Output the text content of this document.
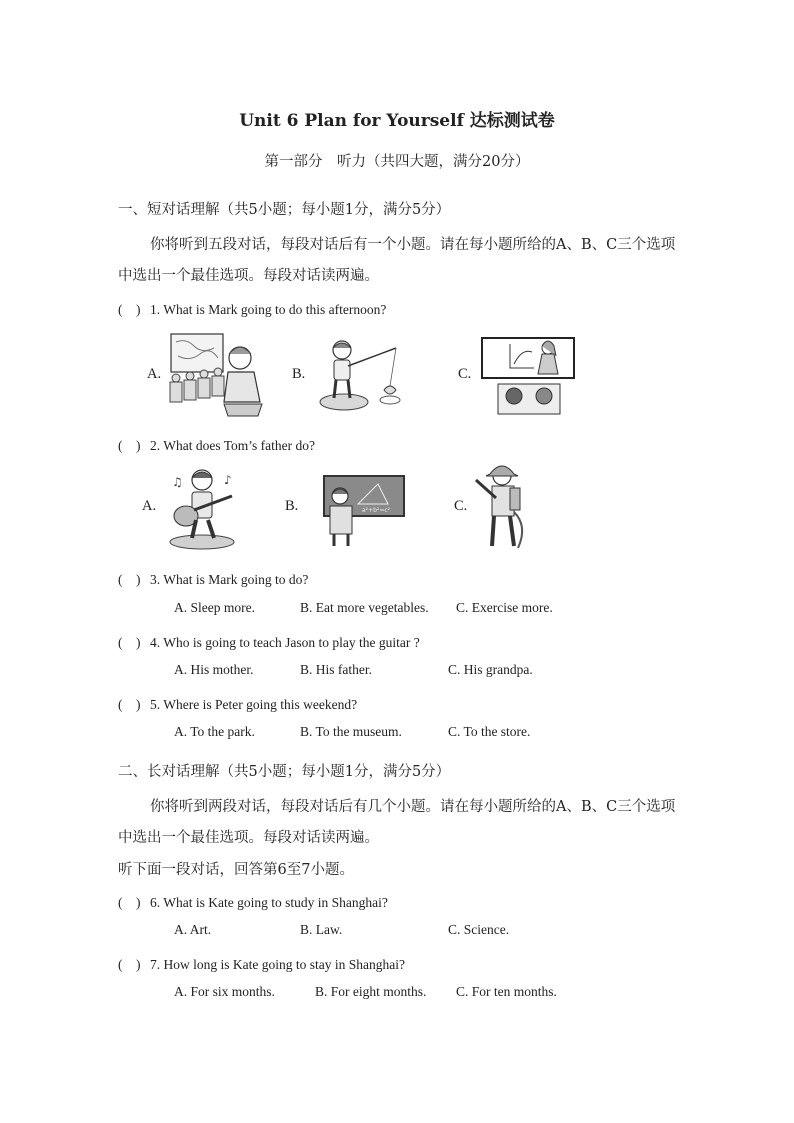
Unit 6 Plan for Yourself 达标测试卷
第一部分　听力（共四大题，满分20分）
一、短对话理解（共5小题；每小题1分，满分5分）
你将听到五段对话，每段对话后有一个小题。请在每小题所给的A、B、C三个选项中选出一个最佳选项。每段对话读两遍。
(　) 1. What is Mark going to do this afternoon?
A.	B.	C.
(　) 2. What does Tom’s father do?
A.	B.	C.
♪
♫
a²+b²=c²
(　) 3. What is Mark going to do?
A. Sleep more.	B. Eat more vegetables. C. Exercise more.
(　) 4. Who is going to teach Jason to play the guitar ?
A. His mother.	B. His father.	C. His grandpa.
(　) 5. Where is Peter going this weekend?
A. To the park.	B. To the museum.	C. To the store.
二、长对话理解（共5小题；每小题1分，满分5分）
你将听到两段对话，每段对话后有几个小题。请在每小题所给的A、B、C三个选项中选出一个最佳选项。每段对话读两遍。
听下面一段对话，回答第6至7小题。
(　) 6. What is Kate going to study in Shanghai?
A. Art.	B. Law.	C. Science.
(　) 7. How long is Kate going to stay in Shanghai?
A. For six months.	B. For eight months. C. For ten months.
